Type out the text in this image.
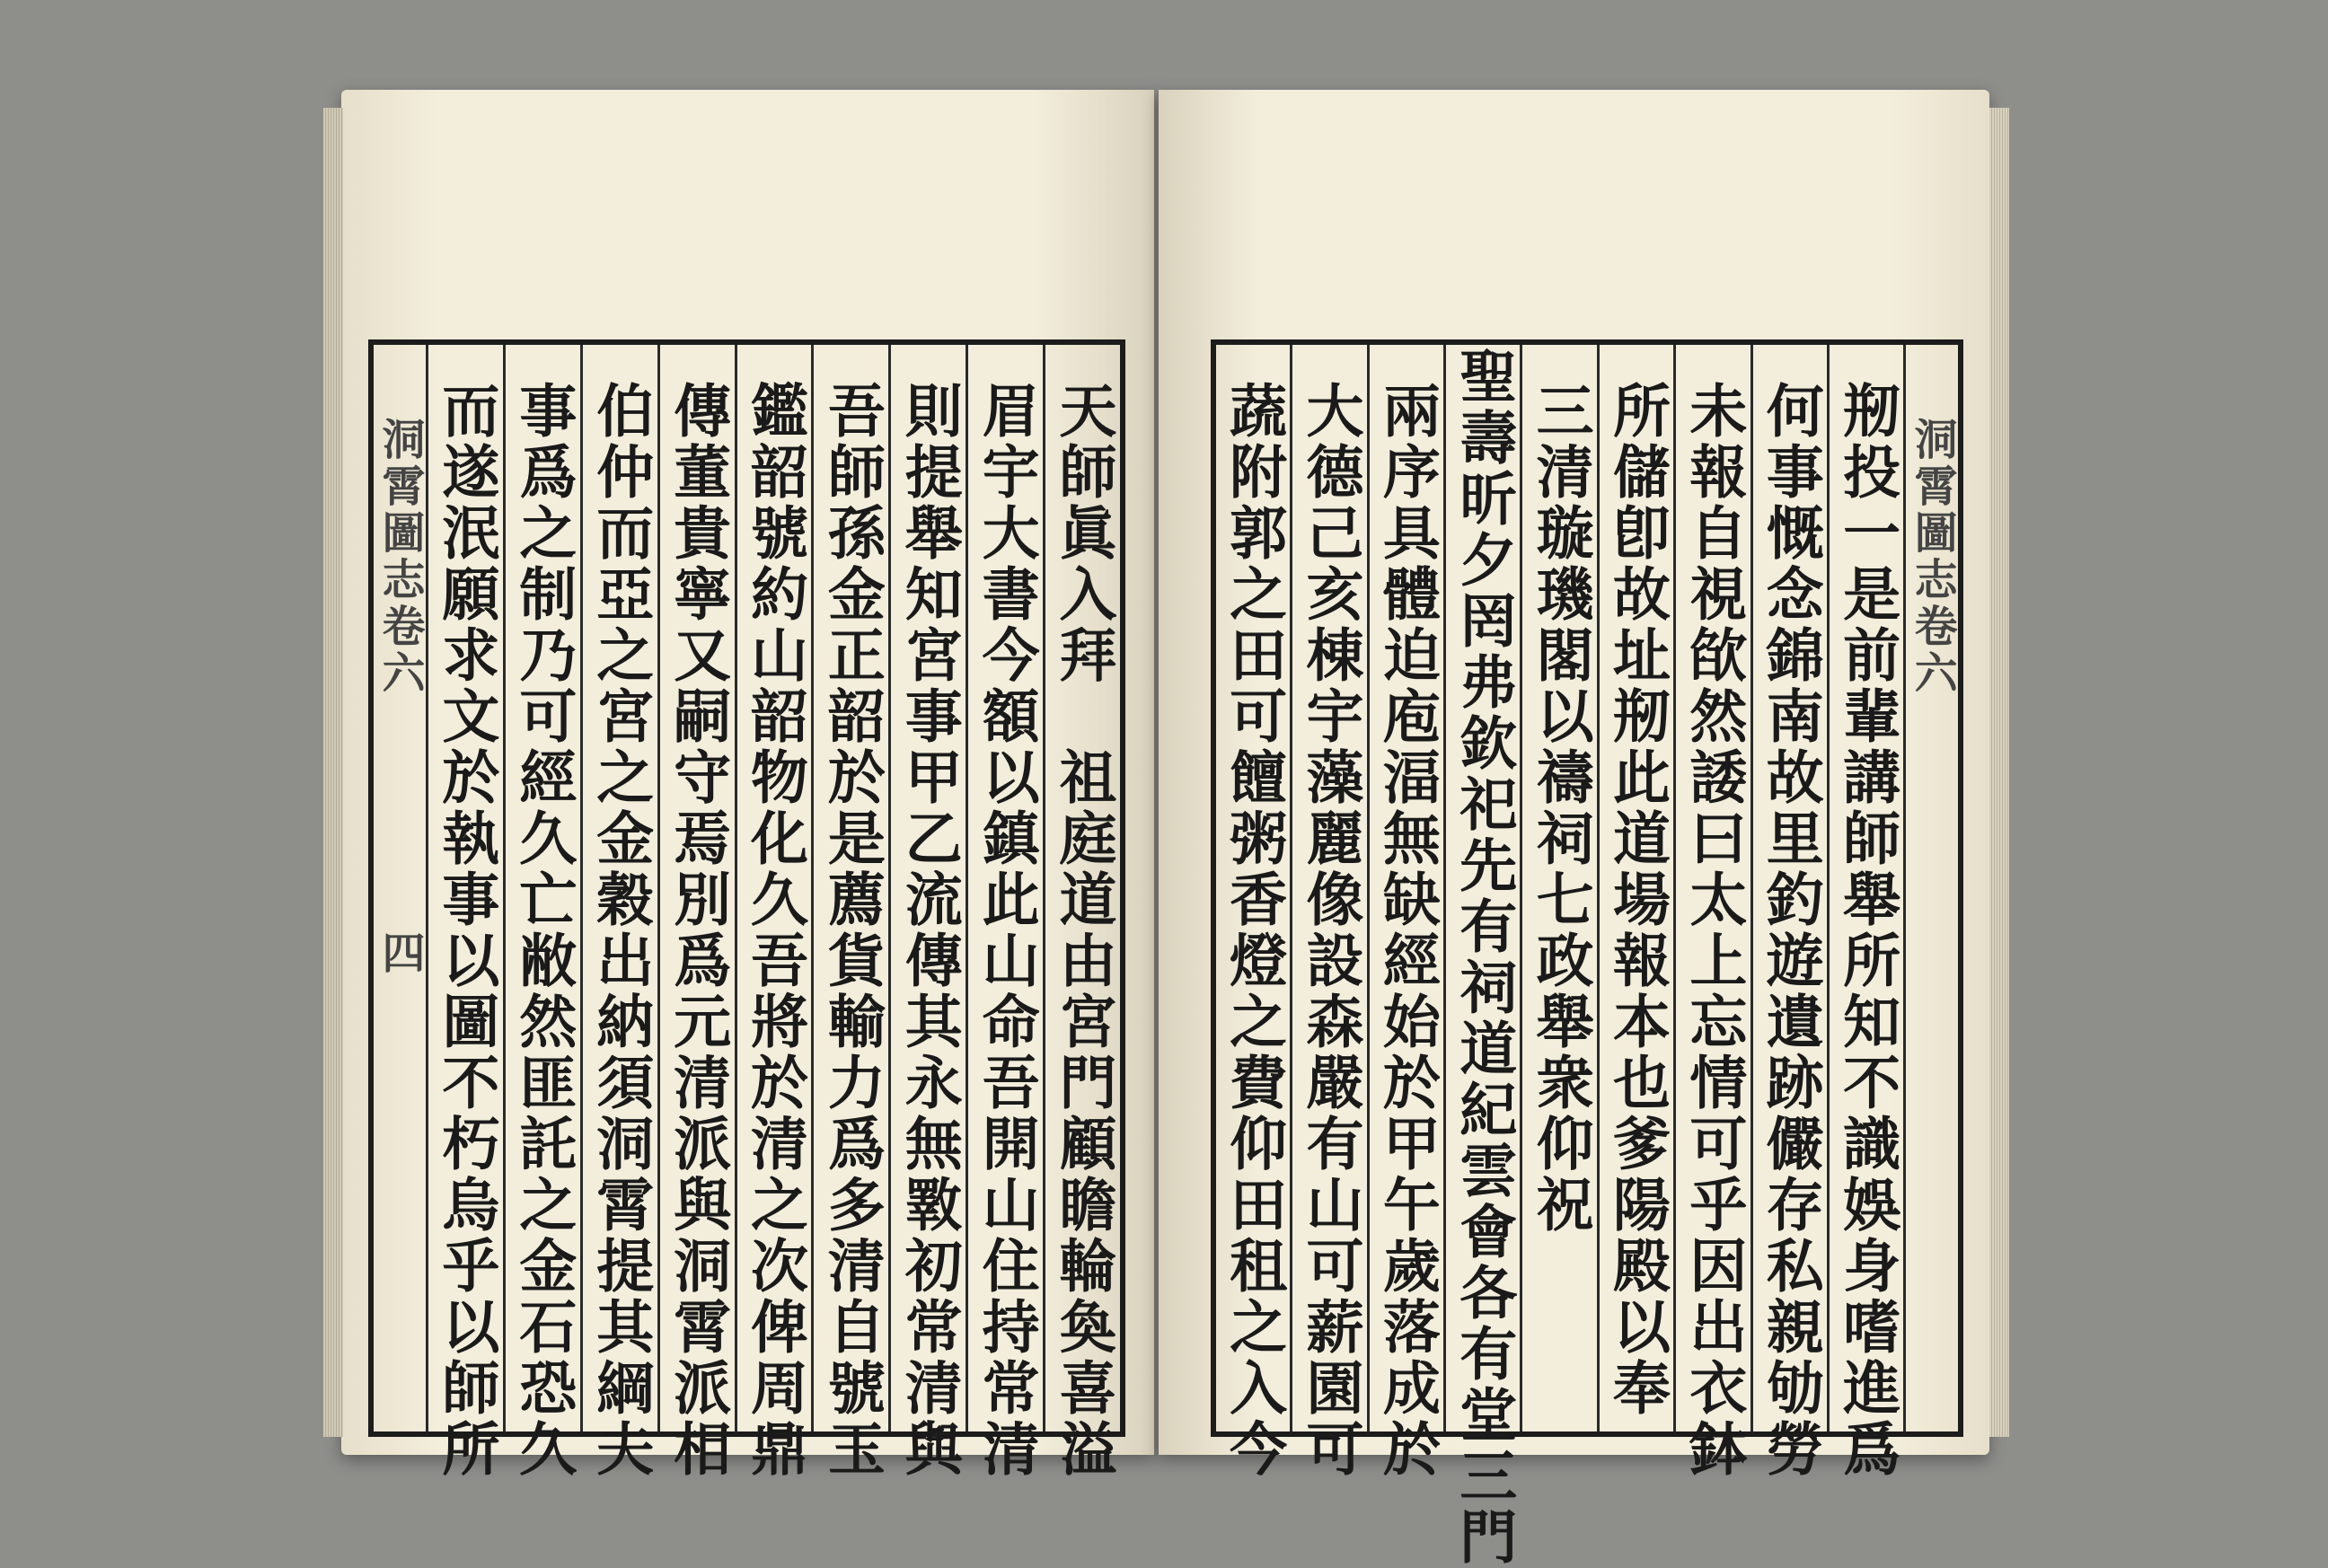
天師眞入拜　祖庭道由宮門顧瞻輪奐喜溢
眉宇大書今額以鎮此山命吾開山住持常清
則提舉知宮事甲乙流傳其永無斁初常清與
吾師孫金正韶於是薦貨輸力爲多清自號玉
鑑韶號約山韶物化久吾將於清之次俾周鼎
傳董貴寧又嗣守焉別爲元清派與洞霄派相
伯仲而亞之宮之金穀出納須洞霄提其綱夫
事爲之制乃可經久亡敝然匪託之金石恐久
而遂泯願求文於執事以圖不朽烏乎以師所
洞霄圖志卷六四
洞霄圖志卷六
剏投一是前輩講師舉所知不識娛身嗜進爲
何事慨念錦南故里釣遊遺跡儼存私親劬勞
未報自視欿然諉曰太上忘情可乎因出衣鉢
所儲卽故址剏此道場報本也爹陽殿以奉
三清璇璣閣以禱祠七政舉衆仰祝
聖壽昕夕罔弗欽祀先有祠道紀雲會各有堂三門
兩序具體迫庖湢無缺經始於甲午歲落成於
大德己亥棟宇藻麗像設森嚴有山可薪園可
蔬附郭之田可饘粥香燈之費仰田租之入今
